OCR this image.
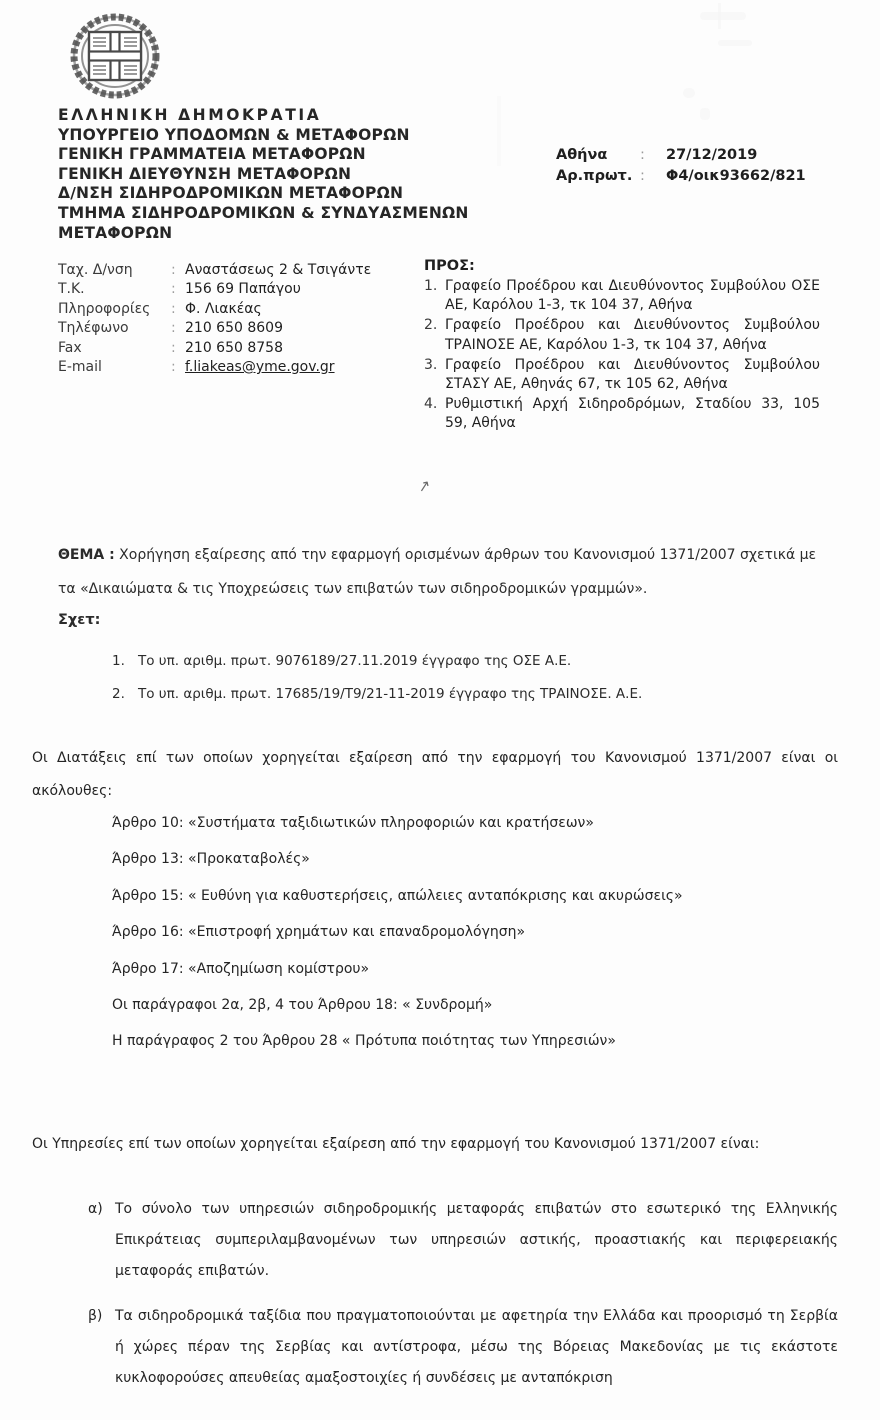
ΕΛΛΗΝΙΚΗ ΔΗΜΟΚΡΑΤΙΑ
ΥΠΟΥΡΓΕΙΟ ΥΠΟΔΟΜΩΝ & ΜΕΤΑΦΟΡΩΝ
ΓΕΝΙΚΗ ΓΡΑΜΜΑΤΕΙΑ ΜΕΤΑΦΟΡΩΝ
ΓΕΝΙΚΗ ΔΙΕΥΘΥΝΣΗ ΜΕΤΑΦΟΡΩΝ
Δ/ΝΣΗ ΣΙΔΗΡΟΔΡΟΜΙΚΩΝ ΜΕΤΑΦΟΡΩΝ
ΤΜΗΜΑ ΣΙΔΗΡΟΔΡΟΜΙΚΩΝ & ΣΥΝΔΥΑΣΜΕΝΩΝ
ΜΕΤΑΦΟΡΩΝ
Αθήνα	:	27/12/2019
Αρ.πρωτ. :	Φ4/οικ93662/821
Ταχ. Δ/νση	: Αναστάσεως 2 & Τσιγάντε
Τ.Κ.	: 156 69 Παπάγου
Πληροφορίες	: Φ. Λιακέας
Τηλέφωνο	: 210 650 8609
Fax	: 210 650 8758
E-mail	: f.liakeas@yme.gov.gr
ΠΡΟΣ:
1. Γραφείο Προέδρου και Διευθύνοντος Συμβούλου ΟΣΕ ΑΕ, Καρόλου 1-3, τκ 104 37, Αθήνα
2. Γραφείο Προέδρου και Διευθύνοντος Συμβούλου ΤΡΑΙΝΟΣΕ ΑΕ, Καρόλου 1-3, τκ 104 37, Αθήνα
3. Γραφείο Προέδρου και Διευθύνοντος Συμβούλου ΣΤΑΣΥ ΑΕ, Αθηνάς 67, τκ 105 62, Αθήνα
4. Ρυθμιστική Αρχή Σιδηροδρόμων, Σταδίου 33, 105 59, Αθήνα
↗
ΘΕΜΑ : Χορήγηση εξαίρεσης από την εφαρμογή ορισμένων άρθρων του Κανονισμού 1371/2007 σχετικά με τα «Δικαιώματα & τις Υποχρεώσεις των επιβατών των σιδηροδρομικών γραμμών».
Σχετ:
1. Το υπ. αριθμ. πρωτ. 9076189/27.11.2019 έγγραφο της ΟΣΕ Α.Ε.
2. Το υπ. αριθμ. πρωτ. 17685/19/Τ9/21-11-2019 έγγραφο της ΤΡΑΙΝΟΣΕ. Α.Ε.
Οι Διατάξεις επί των οποίων χορηγείται εξαίρεση από την εφαρμογή του Κανονισμού 1371/2007 είναι οι ακόλουθες:
Άρθρο 10: «Συστήματα ταξιδιωτικών πληροφοριών και κρατήσεων»
Άρθρο 13: «Προκαταβολές»
Άρθρο 15: « Ευθύνη για καθυστερήσεις, απώλειες ανταπόκρισης και ακυρώσεις»
Άρθρο 16: «Επιστροφή χρημάτων και επαναδρομολόγηση»
Άρθρο 17: «Αποζημίωση κομίστρου»
Οι παράγραφοι 2α, 2β, 4 του Άρθρου 18: « Συνδρομή»
Η παράγραφος 2 του Άρθρου 28 « Πρότυπα ποιότητας των Υπηρεσιών»
Οι Υπηρεσίες επί των οποίων χορηγείται εξαίρεση από την εφαρμογή του Κανονισμού 1371/2007 είναι:
α) Το σύνολο των υπηρεσιών σιδηροδρομικής μεταφοράς επιβατών στο εσωτερικό της Ελληνικής Επικράτειας συμπεριλαμβανομένων των υπηρεσιών αστικής, προαστιακής και περιφερειακής μεταφοράς επιβατών.
β) Τα σιδηροδρομικά ταξίδια που πραγματοποιούνται με αφετηρία την Ελλάδα και προορισμό τη Σερβία ή χώρες πέραν της Σερβίας και αντίστροφα, μέσω της Βόρειας Μακεδονίας με τις εκάστοτε κυκλοφορούσες απευθείας αμαξοστοιχίες ή συνδέσεις με ανταπόκριση
